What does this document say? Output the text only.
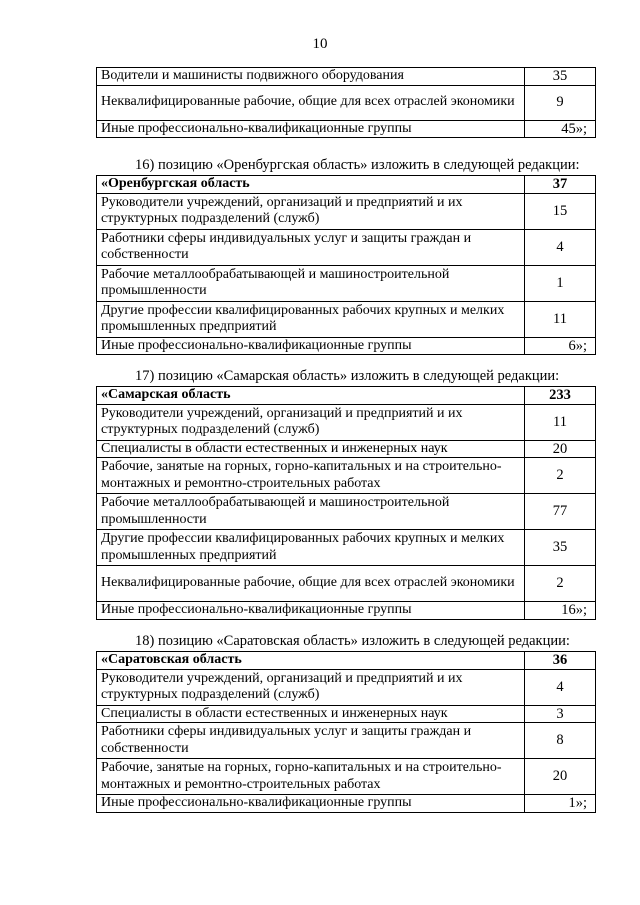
10
Водители и машинисты подвижного оборудования	35
Неквалифицированные рабочие, общие для всех отраслей экономики	9
Иные профессионально-квалификационные группы	45»;
16) позицию «Оренбургская область» изложить в следующей редакции:
«Оренбургская область	37
Руководители учреждений, организаций и предприятий и их структурных подразделений (служб)	15
Работники сферы индивидуальных услуг и защиты граждан и собственности	4
Рабочие металлообрабатывающей и машиностроительной промышленности	1
Другие профессии квалифицированных рабочих крупных и мелких промышленных предприятий	11
Иные профессионально-квалификационные группы	6»;
17) позицию «Самарская область» изложить в следующей редакции:
«Самарская область	233
Руководители учреждений, организаций и предприятий и их структурных подразделений (служб)	11
Специалисты в области естественных и инженерных наук	20
Рабочие, занятые на горных, горно-капитальных и на строительно-монтажных и ремонтно-строительных работах	2
Рабочие металлообрабатывающей и машиностроительной промышленности	77
Другие профессии квалифицированных рабочих крупных и мелких промышленных предприятий	35
Неквалифицированные рабочие, общие для всех отраслей экономики	2
Иные профессионально-квалификационные группы	16»;
18) позицию «Саратовская область» изложить в следующей редакции:
«Саратовская область	36
Руководители учреждений, организаций и предприятий и их структурных подразделений (служб)	4
Специалисты в области естественных и инженерных наук	3
Работники сферы индивидуальных услуг и защиты граждан и собственности	8
Рабочие, занятые на горных, горно-капитальных и на строительно-монтажных и ремонтно-строительных работах	20
Иные профессионально-квалификационные группы	1»;
